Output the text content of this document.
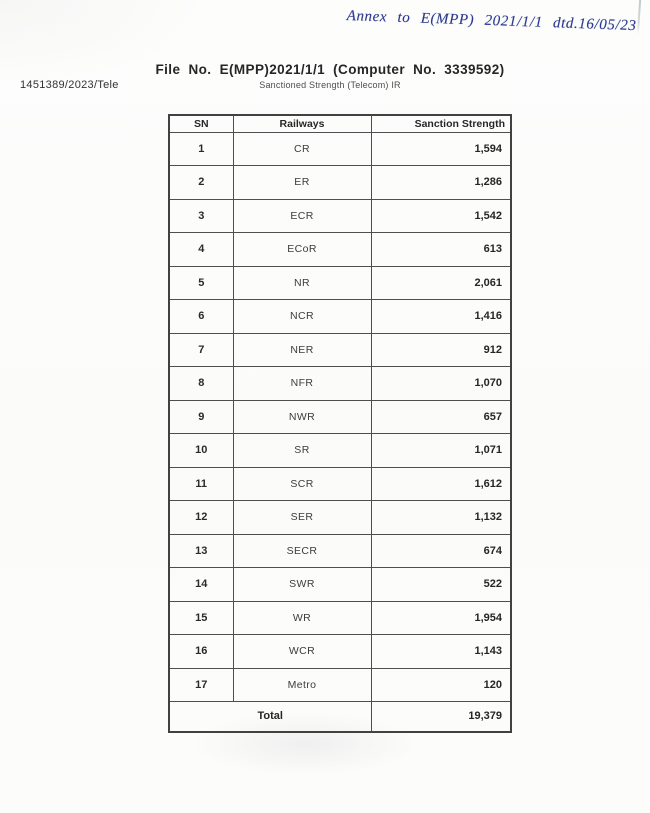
Annex to E(MPP) 2021/1/1 dtd.16/05/23
1451389/2023/Tele
File No. E(MPP)2021/1/1 (Computer No. 3339592)
Sanctioned Strength (Telecom) IR
SN	Railways	Sanction Strength
1	CR	1,594
2	ER	1,286
3	ECR	1,542
4	ECoR	613
5	NR	2,061
6	NCR	1,416
7	NER	912
8	NFR	1,070
9	NWR	657
10	SR	1,071
11	SCR	1,612
12	SER	1,132
13	SECR	674
14	SWR	522
15	WR	1,954
16	WCR	1,143
17	Metro	120
Total		19,379
